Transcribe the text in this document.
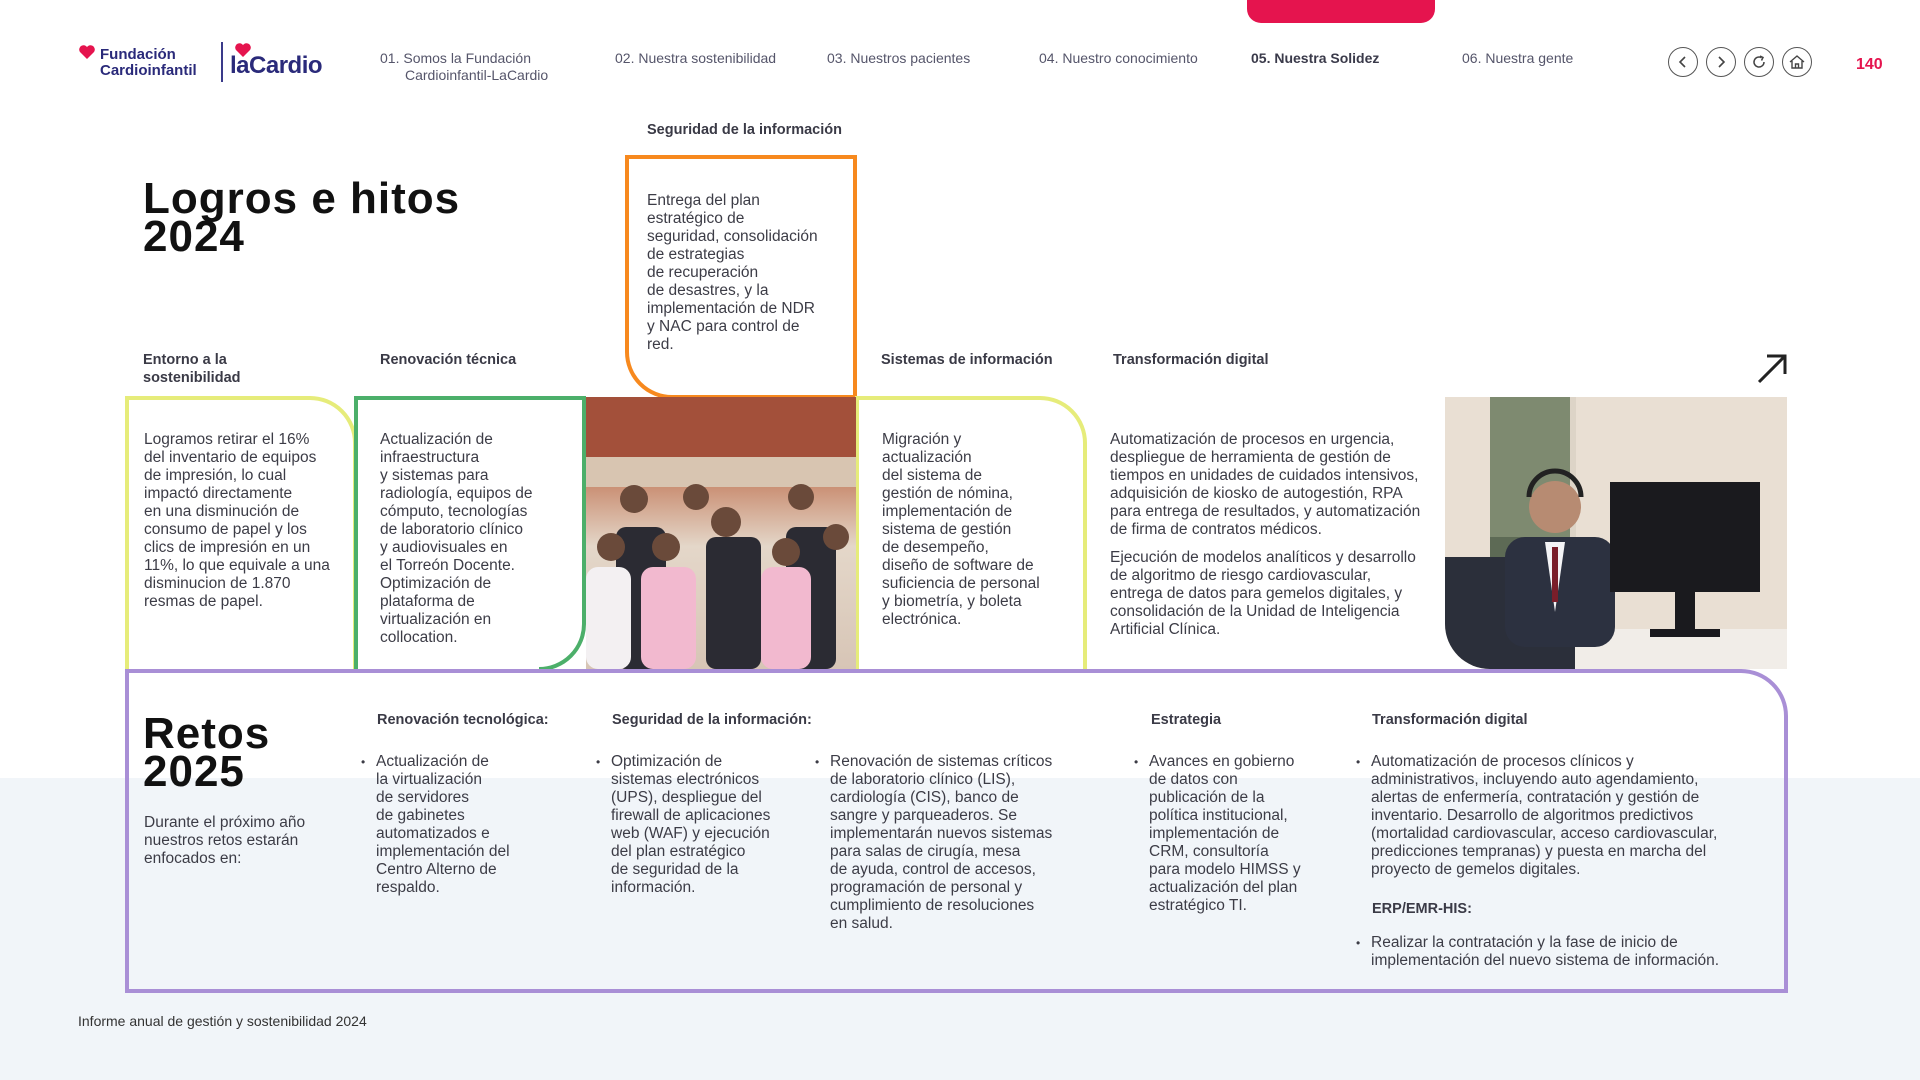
Fundación
Cardioinfantil laCardio	01. Somos la Fundación
Cardioinfantil-LaCardio
02. Nuestra sostenibilidad	03. Nuestros pacientes	04. Nuestro conocimiento	05. Nuestra Solidez	06. Nuestra gente	140
Logros e hitos
2024
Seguridad de la información
Entrega del plan
estratégico de
seguridad, consolidación
de estrategias
de recuperación
de desastres, y la
implementación de NDR
y NAC para control de
red.
Entorno a la
sostenibilidad
Logramos retirar el 16%
del inventario de equipos
de impresión, lo cual
impactó directamente
en una disminución de
consumo de papel y los
clics de impresión en un
11%, lo que equivale a una
disminucion de 1.870
resmas de papel.
Renovación técnica
Actualización de
infraestructura
y sistemas para
radiología, equipos de
cómputo, tecnologías
de laboratorio clínico
y audiovisuales en
el Torreón Docente.
Optimización de
plataforma de
virtualización en
collocation.
Sistemas de información
Migración y
actualización
del sistema de
gestión de nómina,
implementación de
sistema de gestión
de desempeño,
diseño de software de
suficiencia de personal
y biometría, y boleta
electrónica.
Transformación digital
Automatización de procesos en urgencia,
despliegue de herramienta de gestión de
tiempos en unidades de cuidados intensivos,
adquisición de kiosko de autogestión, RPA
para entrega de resultados, y automatización
de firma de contratos médicos.
Ejecución de modelos analíticos y desarrollo
de algoritmo de riesgo cardiovascular,
entrega de datos para gemelos digitales, y
consolidación de la Unidad de Inteligencia
Artificial Clínica.
Retos
2025
Durante el próximo año
nuestros retos estarán
enfocados en:
Renovación tecnológica:
• Actualización de
la virtualización
de servidores
de gabinetes
automatizados e
implementación del
Centro Alterno de
respaldo.
Seguridad de la información:
• Optimización de
sistemas electrónicos
(UPS), despliegue del
firewall de aplicaciones
web (WAF) y ejecución
del plan estratégico
de seguridad de la
información.
• Renovación de sistemas críticos
de laboratorio clínico (LIS),
cardiología (CIS), banco de
sangre y parqueaderos. Se
implementarán nuevos sistemas
para salas de cirugía, mesa
de ayuda, control de accesos,
programación de personal y
cumplimiento de resoluciones
en salud.
Estrategia
• Avances en gobierno
de datos con
publicación de la
política institucional,
implementación de
CRM, consultoría
para modelo HIMSS y
actualización del plan
estratégico TI.
Transformación digital
• Automatización de procesos clínicos y
administrativos, incluyendo auto agendamiento,
alertas de enfermería, contratación y gestión de
inventario. Desarrollo de algoritmos predictivos
(mortalidad cardiovascular, acceso cardiovascular,
predicciones tempranas) y puesta en marcha del
proyecto de gemelos digitales.
ERP/EMR-HIS:
• Realizar la contratación y la fase de inicio de
implementación del nuevo sistema de información.
Informe anual de gestión y sostenibilidad 2024
